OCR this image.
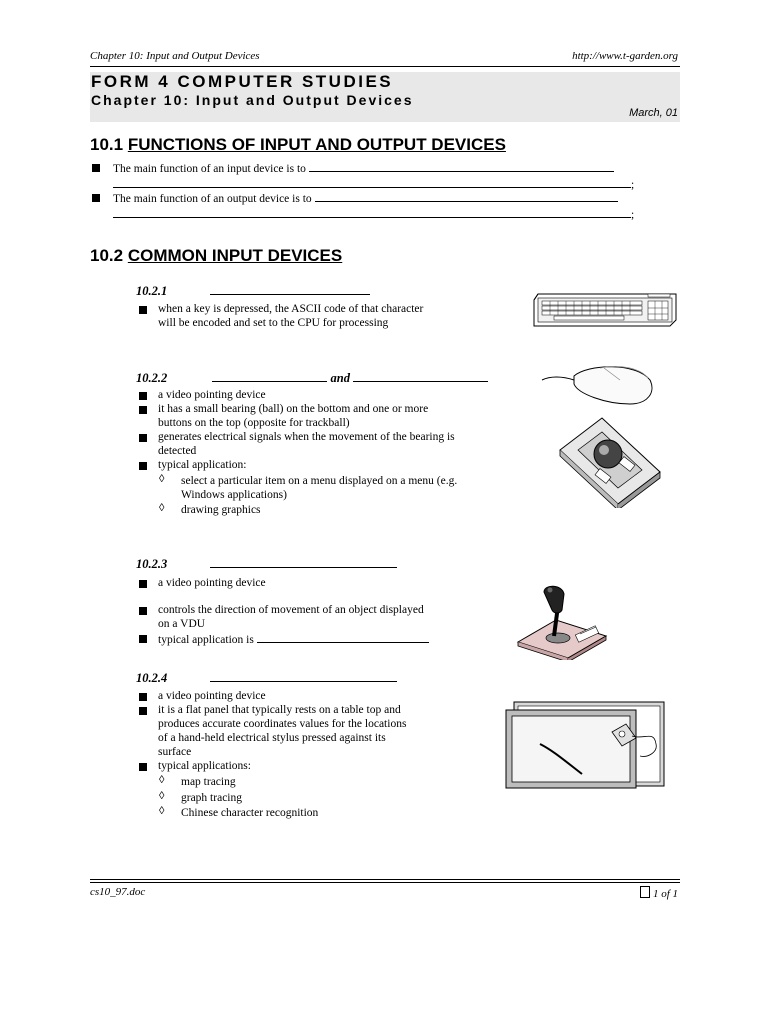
Chapter 10: Input and Output Devices	http://www.t-garden.org
FORM 4 COMPUTER STUDIES
Chapter 10: Input and Output Devices
March, 01
10.1 FUNCTIONS OF INPUT AND OUTPUT DEVICES
The main function of an input device is to
;
The main function of an output device is to
;
10.2 COMMON INPUT DEVICES
10.2.1
when a key is depressed, the ASCII code of that character
will be encoded and set to the CPU for processing
10.2.2	and
a video pointing device
it has a small bearing (ball) on the bottom and one or more
buttons on the top (opposite for trackball)
generates electrical signals when the movement of the bearing is
detected
typical application:
◊ select a particular item on a menu displayed on a menu (e.g.
Windows applications)
◊ drawing graphics
10.2.3
a video pointing device
controls the direction of movement of an object displayed
on a VDU
typical application is
10.2.4
a video pointing device
it is a flat panel that typically rests on a table top and
produces accurate coordinates values for the locations
of a hand-held electrical stylus pressed against its
surface
typical applications:
◊ map tracing
◊ graph tracing
◊ Chinese character recognition
cs10_97.doc	1 of 1
